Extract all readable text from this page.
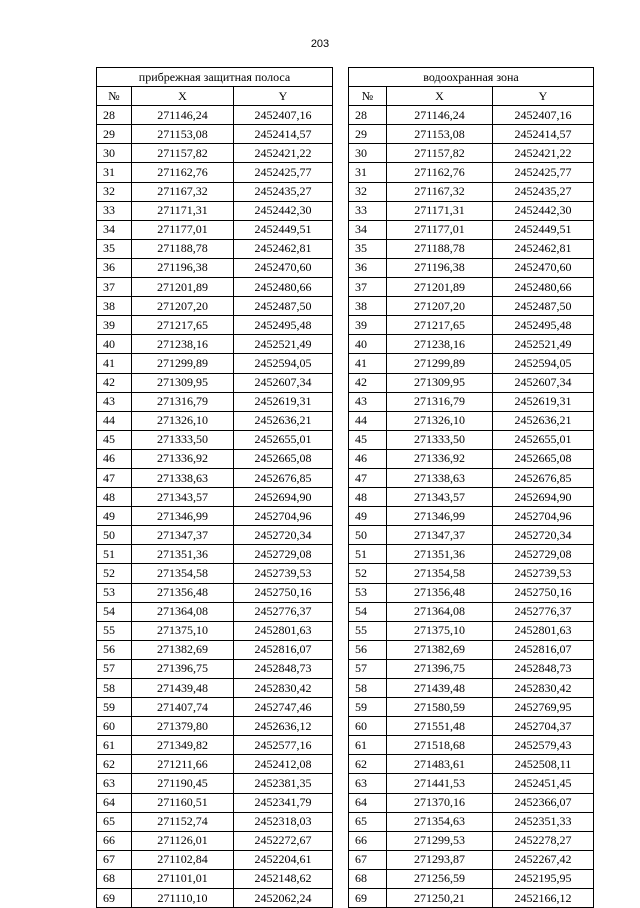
203
прибрежная защитная полоса		
№	X	Y
28	271146,24	2452407,16
29	271153,08	2452414,57
30	271157,82	2452421,22
31	271162,76	2452425,77
32	271167,32	2452435,27
33	271171,31	2452442,30
34	271177,01	2452449,51
35	271188,78	2452462,81
36	271196,38	2452470,60
37	271201,89	2452480,66
38	271207,20	2452487,50
39	271217,65	2452495,48
40	271238,16	2452521,49
41	271299,89	2452594,05
42	271309,95	2452607,34
43	271316,79	2452619,31
44	271326,10	2452636,21
45	271333,50	2452655,01
46	271336,92	2452665,08
47	271338,63	2452676,85
48	271343,57	2452694,90
49	271346,99	2452704,96
50	271347,37	2452720,34
51	271351,36	2452729,08
52	271354,58	2452739,53
53	271356,48	2452750,16
54	271364,08	2452776,37
55	271375,10	2452801,63
56	271382,69	2452816,07
57	271396,75	2452848,73
58	271439,48	2452830,42
59	271407,74	2452747,46
60	271379,80	2452636,12
61	271349,82	2452577,16
62	271211,66	2452412,08
63	271190,45	2452381,35
64	271160,51	2452341,79
65	271152,74	2452318,03
66	271126,01	2452272,67
67	271102,84	2452204,61
68	271101,01	2452148,62
69	271110,10	2452062,24
водоохранная зона		
№	X	Y
28	271146,24	2452407,16
29	271153,08	2452414,57
30	271157,82	2452421,22
31	271162,76	2452425,77
32	271167,32	2452435,27
33	271171,31	2452442,30
34	271177,01	2452449,51
35	271188,78	2452462,81
36	271196,38	2452470,60
37	271201,89	2452480,66
38	271207,20	2452487,50
39	271217,65	2452495,48
40	271238,16	2452521,49
41	271299,89	2452594,05
42	271309,95	2452607,34
43	271316,79	2452619,31
44	271326,10	2452636,21
45	271333,50	2452655,01
46	271336,92	2452665,08
47	271338,63	2452676,85
48	271343,57	2452694,90
49	271346,99	2452704,96
50	271347,37	2452720,34
51	271351,36	2452729,08
52	271354,58	2452739,53
53	271356,48	2452750,16
54	271364,08	2452776,37
55	271375,10	2452801,63
56	271382,69	2452816,07
57	271396,75	2452848,73
58	271439,48	2452830,42
59	271580,59	2452769,95
60	271551,48	2452704,37
61	271518,68	2452579,43
62	271483,61	2452508,11
63	271441,53	2452451,45
64	271370,16	2452366,07
65	271354,63	2452351,33
66	271299,53	2452278,27
67	271293,87	2452267,42
68	271256,59	2452195,95
69	271250,21	2452166,12
